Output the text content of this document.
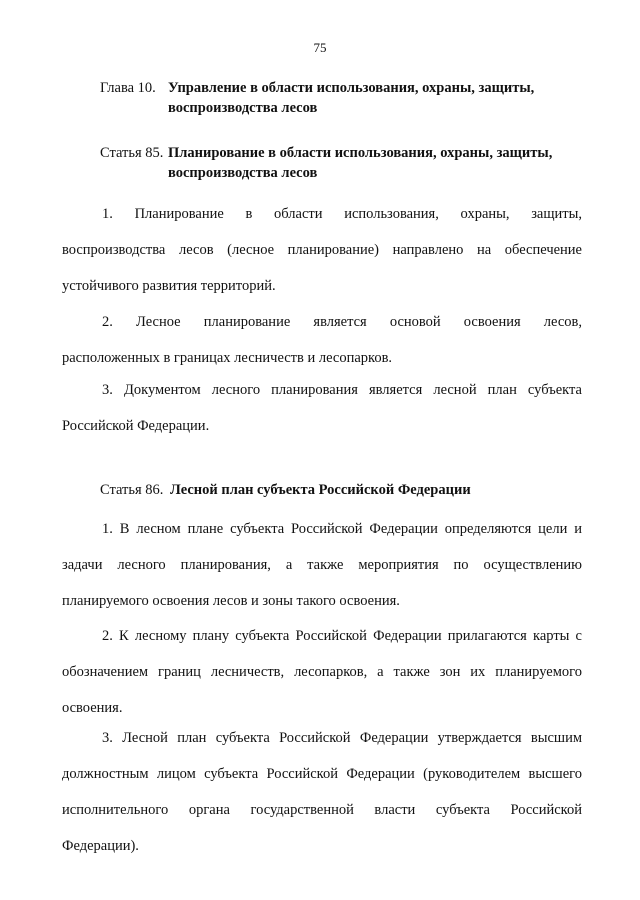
75
Глава 10. Управление в области использования, охраны, защиты, воспроизводства лесов
Статья 85. Планирование в области использования, охраны, защиты, воспроизводства лесов
1. Планирование в области использования, охраны, защиты,
воспроизводства лесов (лесное планирование) направлено на обеспечение
устойчивого развития территорий.
2. Лесное планирование является основой освоения лесов,
расположенных в границах лесничеств и лесопарков.
3. Документом лесного планирования является лесной план субъекта
Российской Федерации.
Статья 86. Лесной план субъекта Российской Федерации
1. В лесном плане субъекта Российской Федерации определяются цели и
задачи лесного планирования, а также мероприятия по осуществлению
планируемого освоения лесов и зоны такого освоения.
2. К лесному плану субъекта Российской Федерации прилагаются карты с
обозначением границ лесничеств, лесопарков, а также зон их планируемого
освоения.
3. Лесной план субъекта Российской Федерации утверждается высшим
должностным лицом субъекта Российской Федерации (руководителем высшего
исполнительного органа государственной власти субъекта Российской
Федерации).
